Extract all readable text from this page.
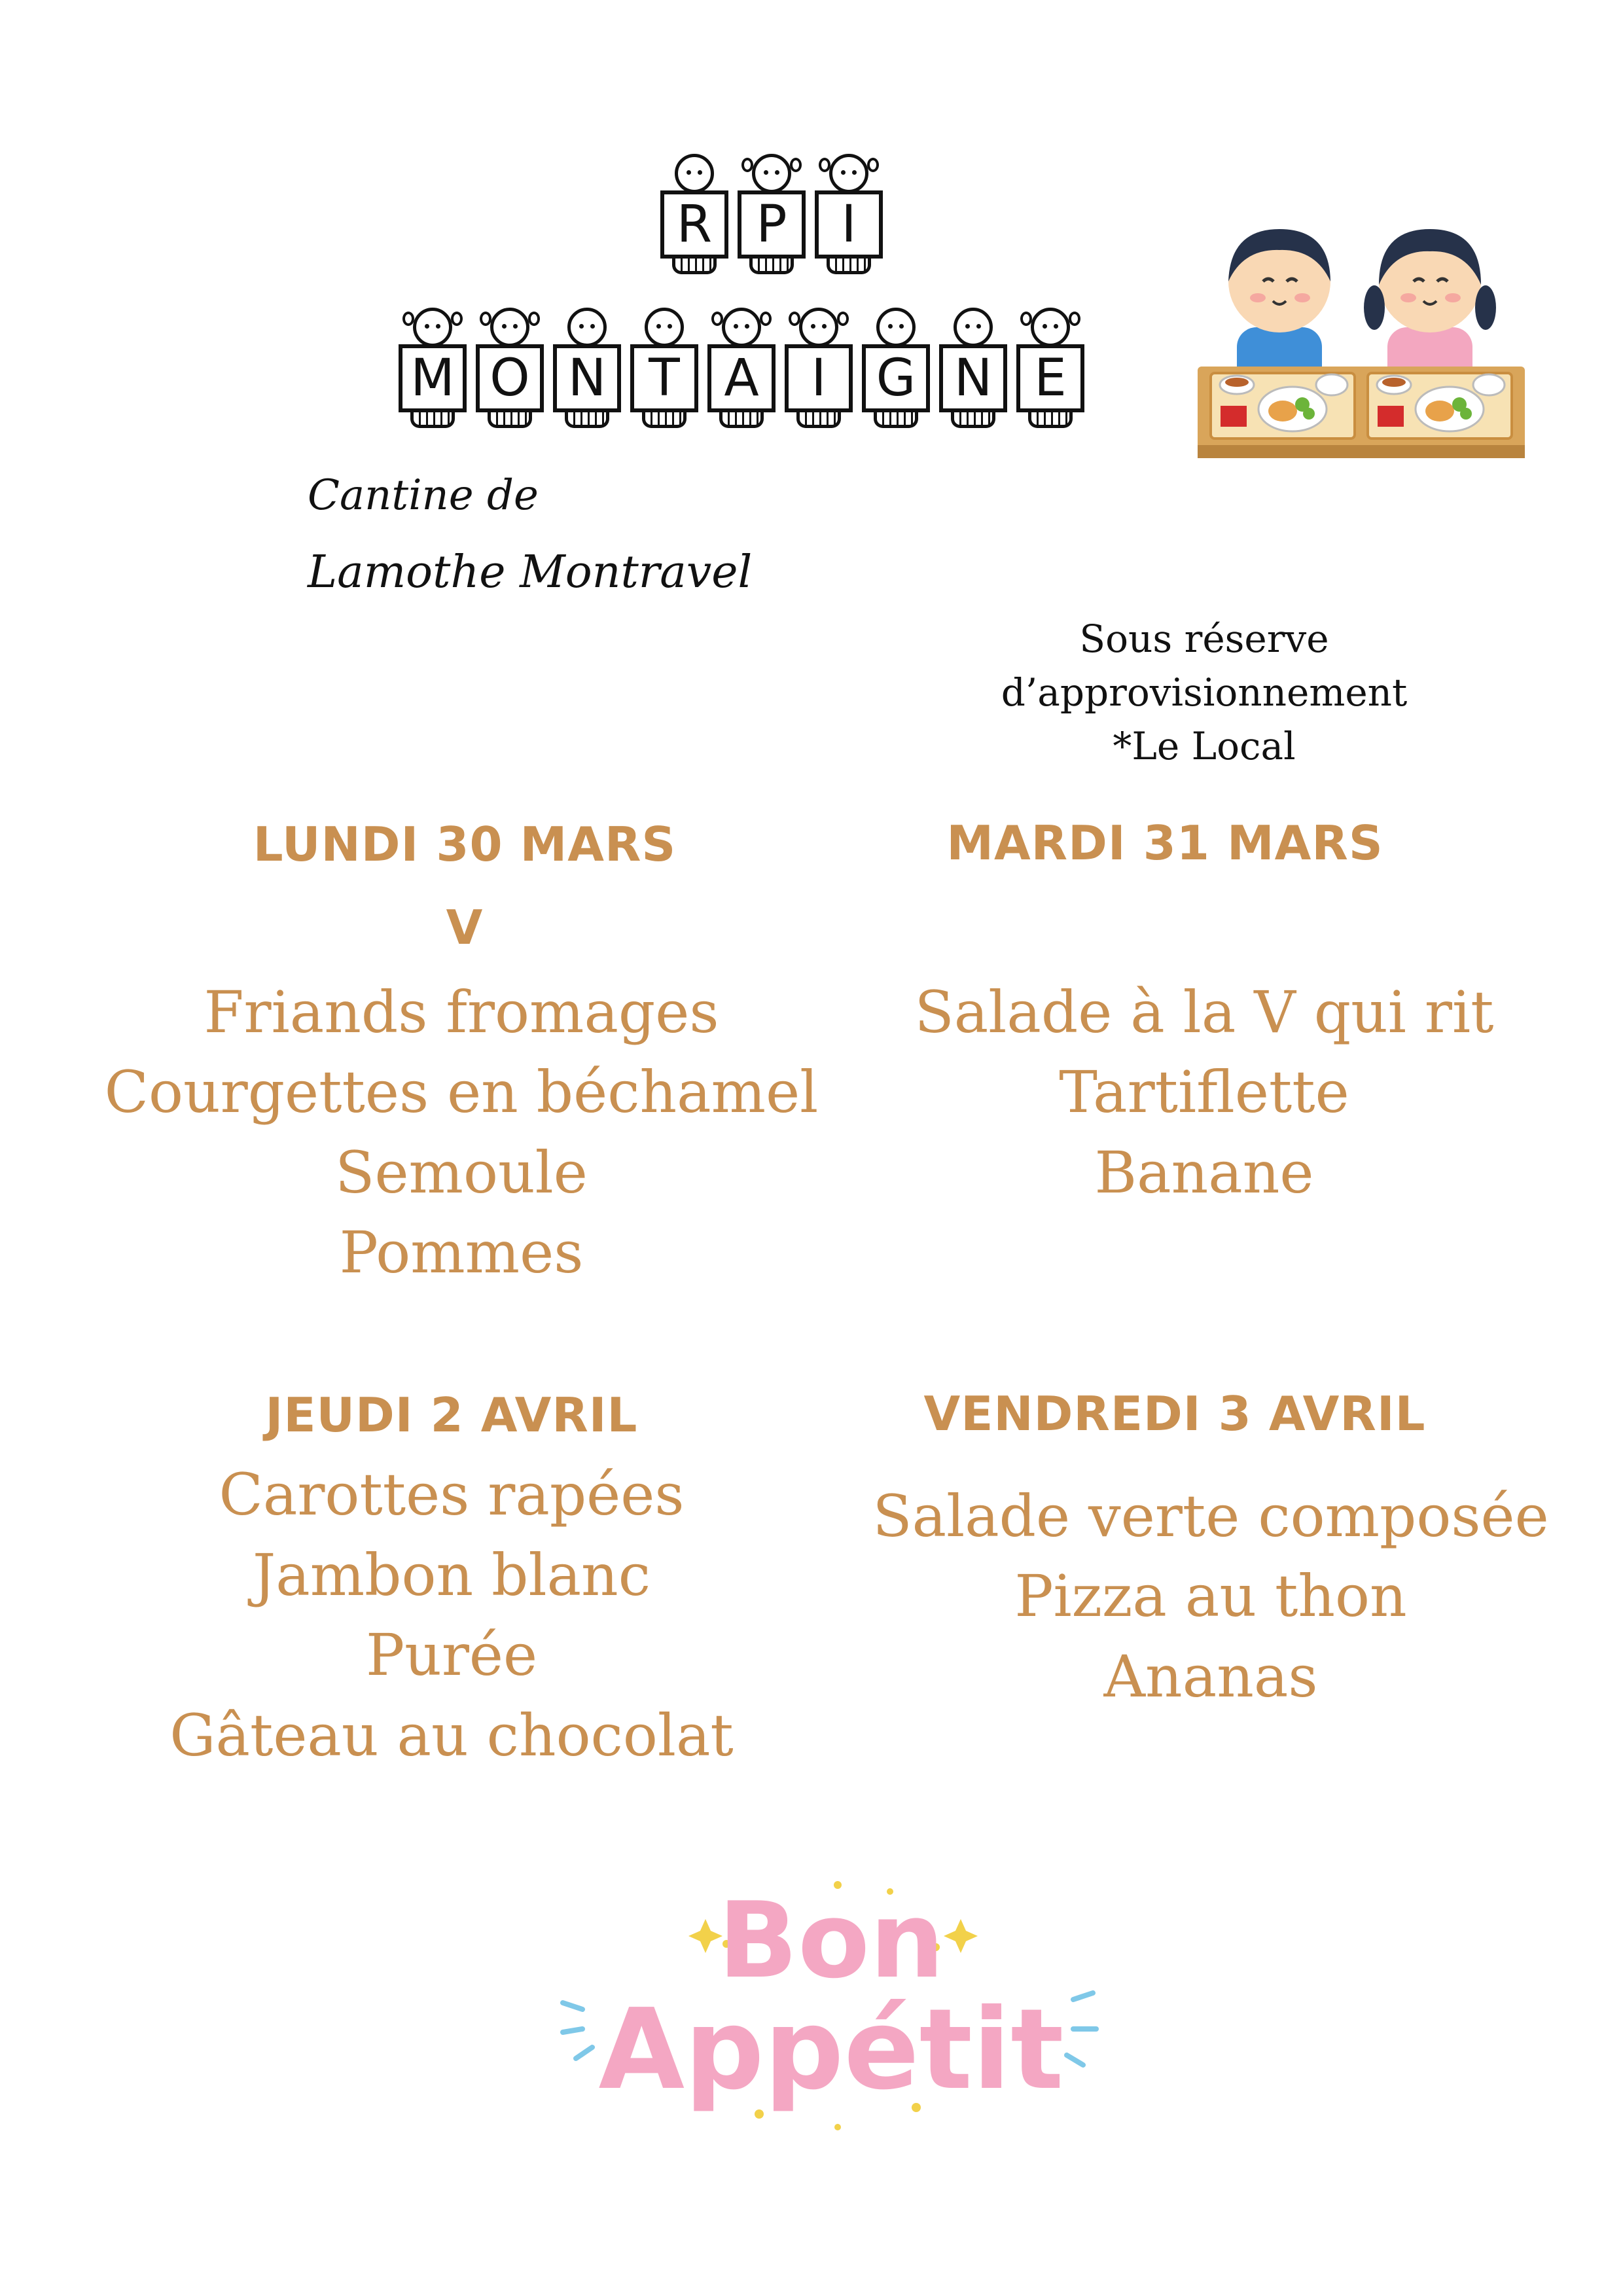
R P	I
M O N T A	I G N E
Cantine de
Lamothe Montravel
Sous réserve
d’approvisionnement
*Le Local
LUNDI 30 MARS
V
Friands fromages
Courgettes en béchamel
Semoule
Pommes
MARDI 31 MARS
Salade à la V qui rit
Tartiflette
Banane
JEUDI 2 AVRIL
Carottes rapées
Jambon blanc
Purée
Gâteau au chocolat
VENDREDI 3 AVRIL
Salade verte composée
Pizza au thon
Ananas
Bon
Appétit
